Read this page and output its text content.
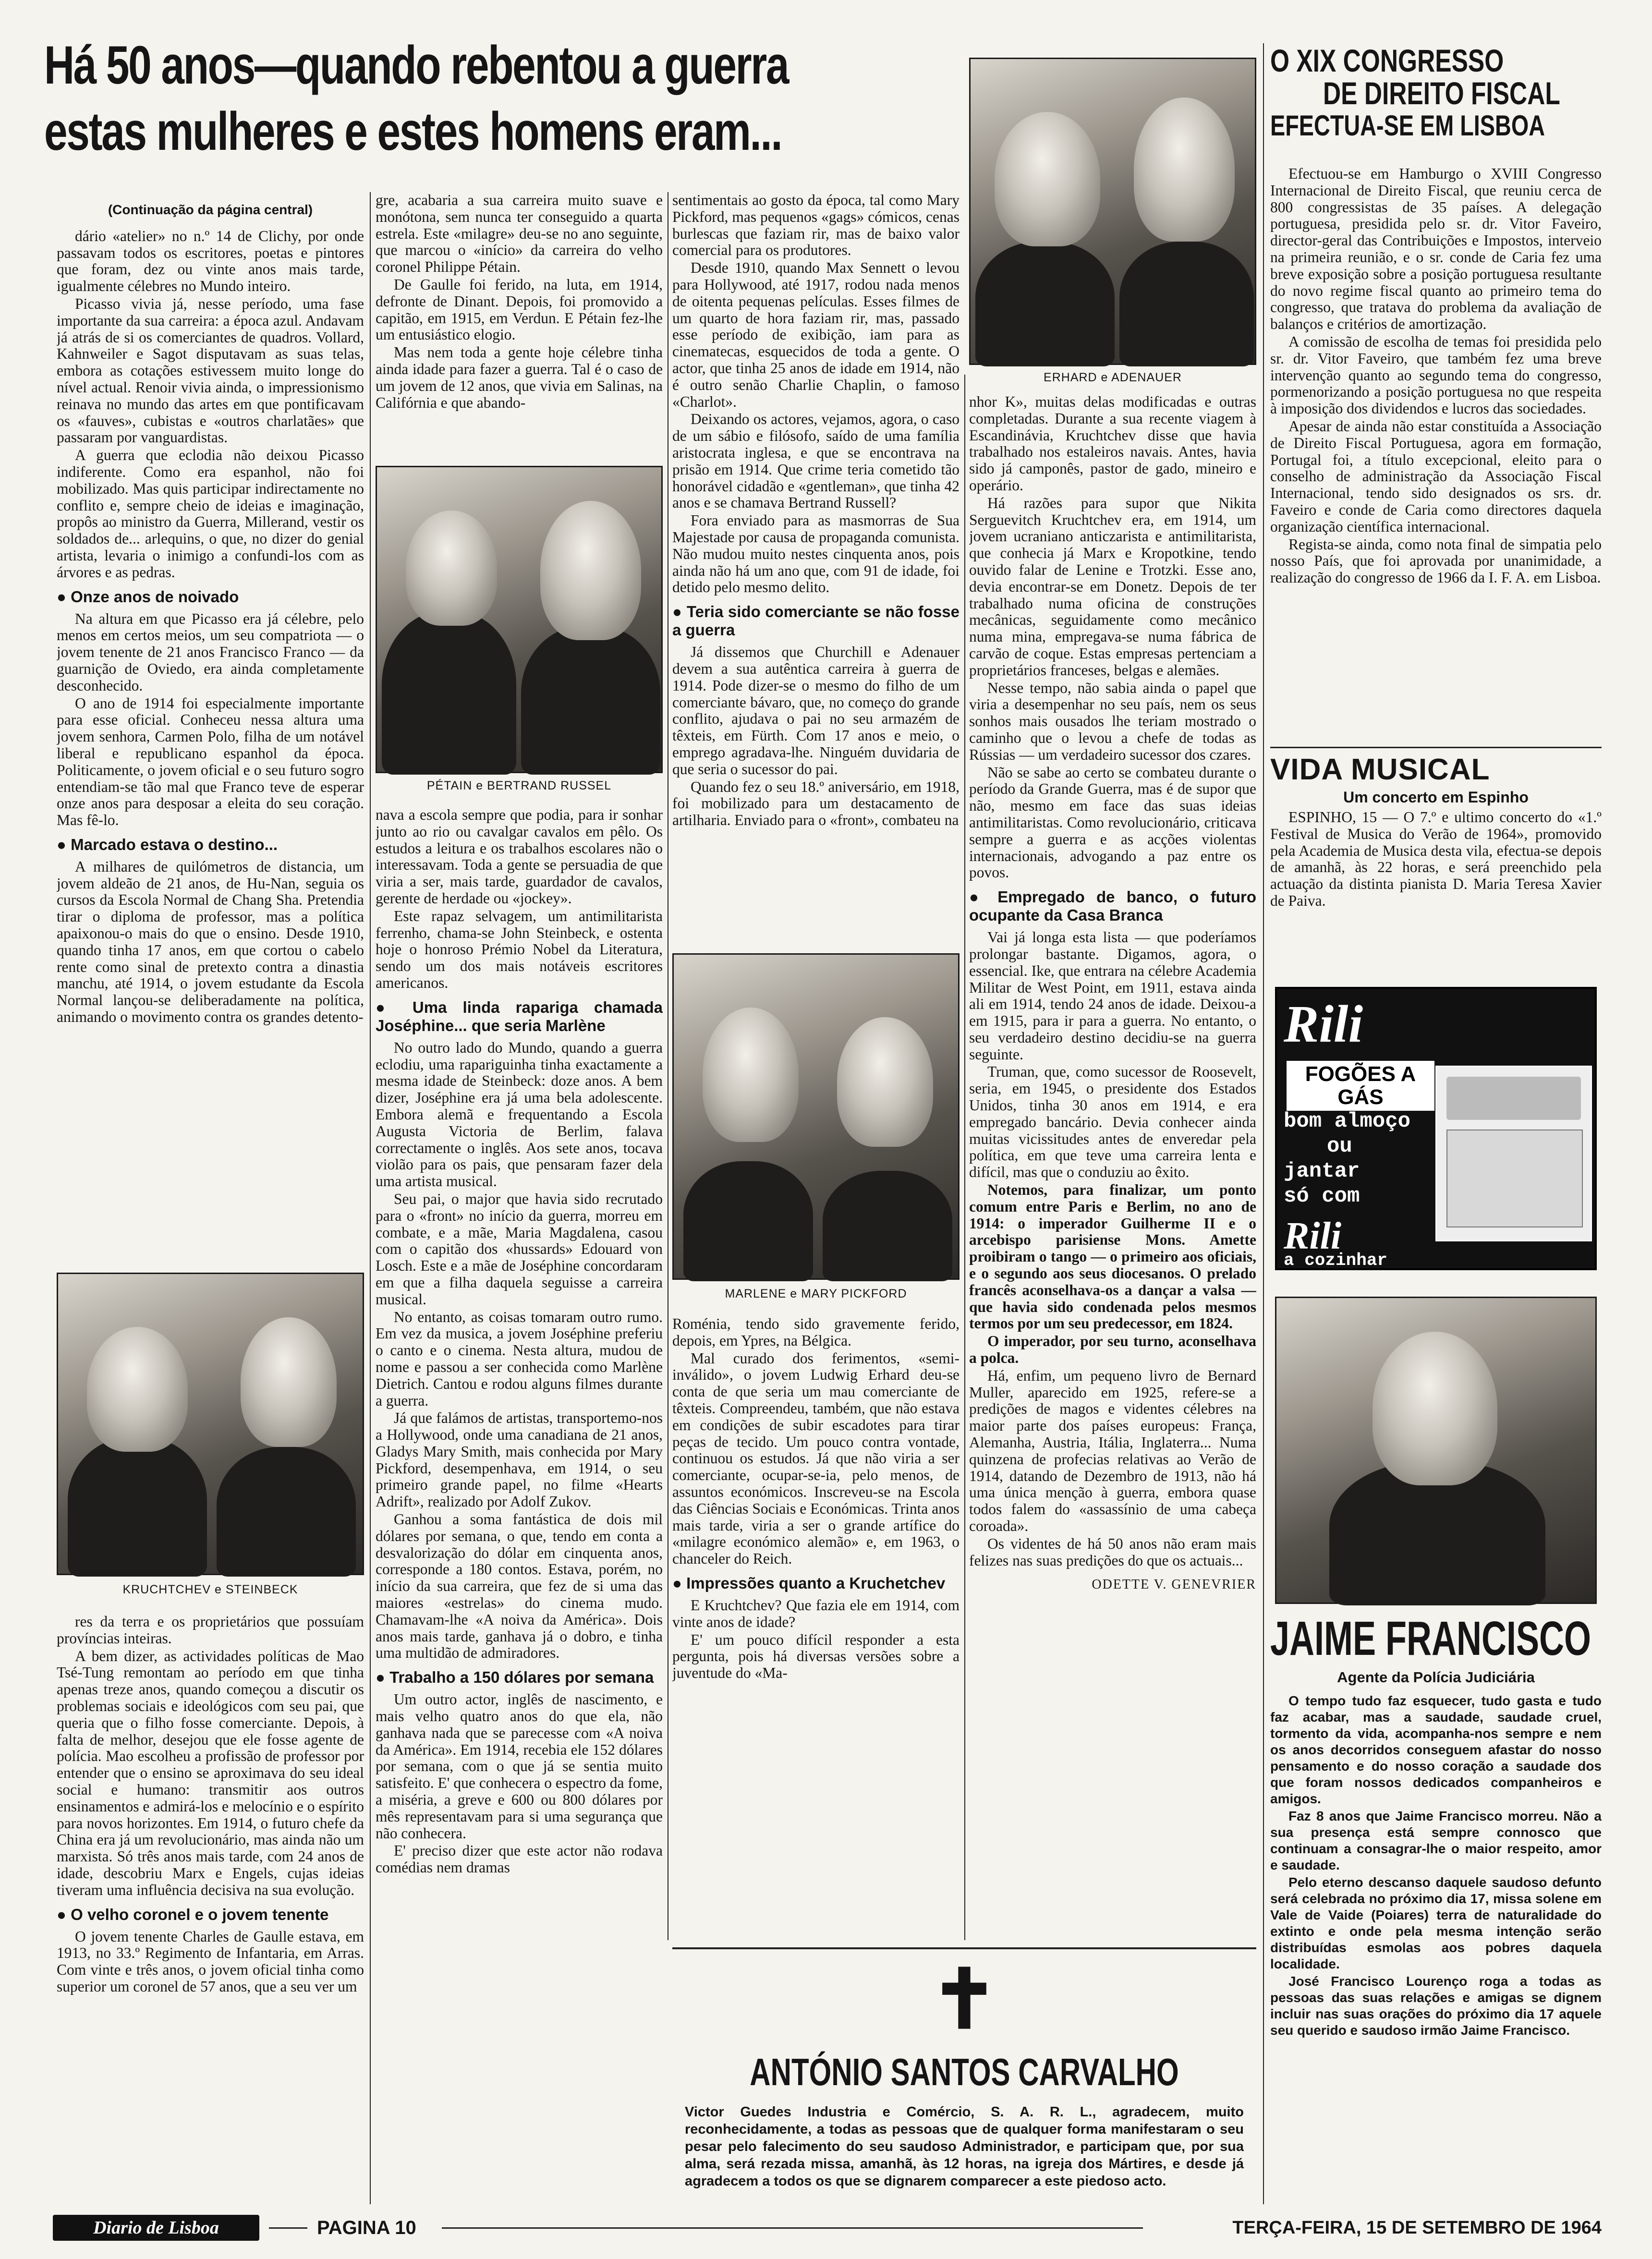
Há 50 anos—quando rebentou a guerra
estas mulheres e estes homens eram...
(Continuação da página central)

dário «atelier» no n.º 14 de Clichy, por onde passavam todos os escritores, poetas e pintores que foram, dez ou vinte anos mais tarde, igualmente célebres no Mundo inteiro.

Picasso vivia já, nesse período, uma fase importante da sua carreira: a época azul. Andavam já atrás de si os comerciantes de quadros. Vollard, Kahnweiler e Sagot disputavam as suas telas, embora as cotações estivessem muito longe do nível actual. Renoir vivia ainda, o impressionismo reinava no mundo das artes em que pontificavam os «fauves», cubistas e «outros charlatães» que passaram por vanguardistas.

A guerra que eclodia não deixou Picasso indiferente. Como era espanhol, não foi mobilizado. Mas quis participar indirectamente no conflito e, sempre cheio de ideias e imaginação, propôs ao ministro da Guerra, Millerand, vestir os soldados de... arlequins, o que, no dizer do genial artista, levaria o inimigo a confundi-los com as árvores e as pedras.

● Onze anos de noivado

Na altura em que Picasso era já célebre, pelo menos em certos meios, um seu compatriota — o jovem tenente de 21 anos Francisco Franco — da guarnição de Oviedo, era ainda completamente desconhecido.

O ano de 1914 foi especialmente importante para esse oficial. Conheceu nessa altura uma jovem senhora, Carmen Polo, filha de um notável liberal e republicano espanhol da época. Politicamente, o jovem oficial e o seu futuro sogro entendiam-se tão mal que Franco teve de esperar onze anos para desposar a eleita do seu coração. Mas fê-lo.

● Marcado estava o destino...

A milhares de quilómetros de distancia, um jovem aldeão de 21 anos, de Hu-Nan, seguia os cursos da Escola Normal de Chang Sha. Pretendia tirar o diploma de professor, mas a política apaixonou-o mais do que o ensino. Desde 1910, quando tinha 17 anos, em que cortou o cabelo rente como sinal de pretexto contra a dinastia manchu, até 1914, o jovem estudante da Escola Normal lançou-se deliberadamente na política, animando o movimento contra os grandes detento-

KRUCHTCHEV e STEINBECK

res da terra e os proprietários que possuíam províncias inteiras.

A bem dizer, as actividades políticas de Mao Tsé-Tung remontam ao período em que tinha apenas treze anos, quando começou a discutir os problemas sociais e ideológicos com seu pai, que queria que o filho fosse comerciante. Depois, à falta de melhor, desejou que ele fosse agente de polícia. Mao escolheu a profissão de professor por entender que o ensino se aproximava do seu ideal social e humano: transmitir aos outros ensinamentos e admirá-los e melocínio e o espírito para novos horizontes. Em 1914, o futuro chefe da China era já um revolucionário, mas ainda não um marxista. Só três anos mais tarde, com 24 anos de idade, descobriu Marx e Engels, cujas ideias tiveram uma influência decisiva na sua evolução.

● O velho coronel e o jovem tenente

O jovem tenente Charles de Gaulle estava, em 1913, no 33.º Regimento de Infantaria, em Arras. Com vinte e três anos, o jovem oficial tinha como superior um coronel de 57 anos, que a seu ver um

gre, acabaria a sua carreira muito suave e monótona, sem nunca ter conseguido a quarta estrela. Este «milagre» deu-se no ano seguinte, que marcou o «início» da carreira do velho coronel Philippe Pétain.

De Gaulle foi ferido, na luta, em 1914, defronte de Dinant. Depois, foi promovido a capitão, em 1915, em Verdun. E Pétain fez-lhe um entusiástico elogio.

Mas nem toda a gente hoje célebre tinha ainda idade para fazer a guerra. Tal é o caso de um jovem de 12 anos, que vivia em Salinas, na Califórnia e que abando-

PÉTAIN e BERTRAND RUSSEL

nava a escola sempre que podia, para ir sonhar junto ao rio ou cavalgar cavalos em pêlo. Os estudos a leitura e os trabalhos escolares não o interessavam. Toda a gente se persuadia de que viria a ser, mais tarde, guardador de cavalos, gerente de herdade ou «jockey».

Este rapaz selvagem, um antimilitarista ferrenho, chama-se John Steinbeck, e ostenta hoje o honroso Prémio Nobel da Literatura, sendo um dos mais notáveis escritores americanos.

● Uma linda rapariga chamada Joséphine... que seria Marlène

No outro lado do Mundo, quando a guerra eclodiu, uma rapariguinha tinha exactamente a mesma idade de Steinbeck: doze anos. A bem dizer, Joséphine era já uma bela adolescente. Embora alemã e frequentando a Escola Augusta Victoria de Berlim, falava correctamente o inglês. Aos sete anos, tocava violão para os pais, que pensaram fazer dela uma artista musical.

Seu pai, o major que havia sido recrutado para o «front» no início da guerra, morreu em combate, e a mãe, Maria Magdalena, casou com o capitão dos «hussards» Edouard von Losch. Este e a mãe de Joséphine concordaram em que a filha daquela seguisse a carreira musical.

No entanto, as coisas tomaram outro rumo. Em vez da musica, a jovem Joséphine preferiu o canto e o cinema. Nesta altura, mudou de nome e passou a ser conhecida como Marlène Dietrich. Cantou e rodou alguns filmes durante a guerra.

Já que falámos de artistas, transportemo-nos a Hollywood, onde uma canadiana de 21 anos, Gladys Mary Smith, mais conhecida por Mary Pickford, desempenhava, em 1914, o seu primeiro grande papel, no filme «Hearts Adrift», realizado por Adolf Zukov.

Ganhou a soma fantástica de dois mil dólares por semana, o que, tendo em conta a desvalorização do dólar em cinquenta anos, corresponde a 180 contos. Estava, porém, no início da sua carreira, que fez de si uma das maiores «estrelas» do cinema mudo. Chamavam-lhe «A noiva da América». Dois anos mais tarde, ganhava já o dobro, e tinha uma multidão de admiradores.

● Trabalho a 150 dólares por semana

Um outro actor, inglês de nascimento, e mais velho quatro anos do que ela, não ganhava nada que se parecesse com «A noiva da América». Em 1914, recebia ele 152 dólares por semana, com o que já se sentia muito satisfeito. E' que conhecera o espectro da fome, a miséria, a greve e 600 ou 800 dólares por mês representavam para si uma segurança que não conhecera.

E' preciso dizer que este actor não rodava comédias nem dramas

sentimentais ao gosto da época, tal como Mary Pickford, mas pequenos «gags» cómicos, cenas burlescas que faziam rir, mas de baixo valor comercial para os produtores.

Desde 1910, quando Max Sennett o levou para Hollywood, até 1917, rodou nada menos de oitenta pequenas películas. Esses filmes de um quarto de hora faziam rir, mas, passado esse período de exibição, iam para as cinematecas, esquecidos de toda a gente. O actor, que tinha 25 anos de idade em 1914, não é outro senão Charlie Chaplin, o famoso «Charlot».

Deixando os actores, vejamos, agora, o caso de um sábio e filósofo, saído de uma família aristocrata inglesa, e que se encontrava na prisão em 1914. Que crime teria cometido tão honorável cidadão e «gentleman», que tinha 42 anos e se chamava Bertrand Russell?

Fora enviado para as masmorras de Sua Majestade por causa de propaganda comunista. Não mudou muito nestes cinquenta anos, pois ainda não há um ano que, com 91 de idade, foi detido pelo mesmo delito.

● Teria sido comerciante se não fosse a guerra

Já dissemos que Churchill e Adenauer devem a sua autêntica carreira à guerra de 1914. Pode dizer-se o mesmo do filho de um comerciante bávaro, que, no começo do grande conflito, ajudava o pai no seu armazém de têxteis, em Fürth. Com 17 anos e meio, o emprego agradava-lhe. Ninguém duvidaria de que seria o sucessor do pai.

Quando fez o seu 18.º aniversário, em 1918, foi mobilizado para um destacamento de artilharia. Enviado para o «front», combateu na

MARLENE e MARY PICKFORD

Roménia, tendo sido gravemente ferido, depois, em Ypres, na Bélgica.

Mal curado dos ferimentos, «semi-inválido», o jovem Ludwig Erhard deu-se conta de que seria um mau comerciante de têxteis. Compreendeu, também, que não estava em condições de subir escadotes para tirar peças de tecido. Um pouco contra vontade, continuou os estudos. Já que não viria a ser comerciante, ocupar-se-ia, pelo menos, de assuntos económicos. Inscreveu-se na Escola das Ciências Sociais e Económicas. Trinta anos mais tarde, viria a ser o grande artífice do «milagre económico alemão» e, em 1963, o chanceler do Reich.

● Impressões quanto a Kruchetchev

E Kruchtchev? Que fazia ele em 1914, com vinte anos de idade?

E' um pouco difícil responder a esta pergunta, pois há diversas versões sobre a juventude do «Ma-

ERHARD e ADENAUER

nhor K», muitas delas modificadas e outras completadas. Durante a sua recente viagem à Escandinávia, Kruchtchev disse que havia trabalhado nos estaleiros navais. Antes, havia sido já camponês, pastor de gado, mineiro e operário.

Há razões para supor que Nikita Serguevitch Kruchtchev era, em 1914, um jovem ucraniano anticzarista e antimilitarista, que conhecia já Marx e Kropotkine, tendo ouvido falar de Lenine e Trotzki. Esse ano, devia encontrar-se em Donetz. Depois de ter trabalhado numa oficina de construções mecânicas, seguidamente como mecânico numa mina, empregava-se numa fábrica de carvão de coque. Estas empresas pertenciam a proprietários franceses, belgas e alemães.

Nesse tempo, não sabia ainda o papel que viria a desempenhar no seu país, nem os seus sonhos mais ousados lhe teriam mostrado o caminho que o levou a chefe de todas as Rússias — um verdadeiro sucessor dos czares.

Não se sabe ao certo se combateu durante o período da Grande Guerra, mas é de supor que não, mesmo em face das suas ideias antimilitaristas. Como revolucionário, criticava sempre a guerra e as acções violentas internacionais, advogando a paz entre os povos.

● Empregado de banco, o futuro ocupante da Casa Branca

Vai já longa esta lista — que poderíamos prolongar bastante. Digamos, agora, o essencial. Ike, que entrara na célebre Academia Militar de West Point, em 1911, estava ainda ali em 1914, tendo 24 anos de idade. Deixou-a em 1915, para ir para a guerra. No entanto, o seu verdadeiro destino decidiu-se na guerra seguinte.

Truman, que, como sucessor de Roosevelt, seria, em 1945, o presidente dos Estados Unidos, tinha 30 anos em 1914, e era empregado bancário. Devia conhecer ainda muitas vicissitudes antes de enveredar pela política, em que teve uma carreira lenta e difícil, mas que o conduziu ao êxito.

Notemos, para finalizar, um ponto comum entre Paris e Berlim, no ano de 1914: o imperador Guilherme II e o arcebispo parisiense Mons. Amette proibiram o tango — o primeiro aos oficiais, e o segundo aos seus diocesanos. O prelado francês aconselhava-os a dançar a valsa — que havia sido condenada pelos mesmos termos por um seu predecessor, em 1824.

O imperador, por seu turno, aconselhava a polca.

Há, enfim, um pequeno livro de Bernard Muller, aparecido em 1925, refere-se a predições de magos e videntes célebres na maior parte dos países europeus: França, Alemanha, Austria, Itália, Inglaterra... Numa quinzena de profecias relativas ao Verão de 1914, datando de Dezembro de 1913, não há uma única menção à guerra, embora quase todos falem do «assassínio de uma cabeça coroada».

Os videntes de há 50 anos não eram mais felizes nas suas predições do que os actuais...

ODETTE V. GENEVRIER
✝
ANTÓNIO SANTOS CARVALHO
Victor Guedes Industria e Comércio, S. A. R. L., agradecem, muito reconhecidamente, a todas as pessoas que de qualquer forma manifestaram o seu pesar pelo falecimento do seu saudoso Administrador, e participam que, por sua alma, será rezada missa, amanhã, às 12 horas, na igreja dos Mártires, e desde já agradecem a todos os que se dignarem comparecer a este piedoso acto.
O XIX CONGRESSO
DE DIREITO FISCAL
EFECTUA-SE EM LISBOA

Efectuou-se em Hamburgo o XVIII Congresso Internacional de Direito Fiscal, que reuniu cerca de 800 congressistas de 35 países. A delegação portuguesa, presidida pelo sr. dr. Vitor Faveiro, director-geral das Contribuições e Impostos, interveio na primeira reunião, e o sr. conde de Caria fez uma breve exposição sobre a posição portuguesa resultante do novo regime fiscal quanto ao primeiro tema do congresso, que tratava do problema da avaliação de balanços e critérios de amortização.

A comissão de escolha de temas foi presidida pelo sr. dr. Vitor Faveiro, que também fez uma breve intervenção quanto ao segundo tema do congresso, pormenorizando a posição portuguesa no que respeita à imposição dos dividendos e lucros das sociedades.

Apesar de ainda não estar constituída a Associação de Direito Fiscal Portuguesa, agora em formação, Portugal foi, a título excepcional, eleito para o conselho de administração da Associação Fiscal Internacional, tendo sido designados os srs. dr. Faveiro e conde de Caria como directores daquela organização científica internacional.

Regista-se ainda, como nota final de simpatia pelo nosso País, que foi aprovada por unanimidade, a realização do congresso de 1966 da I. F. A. em Lisboa.

VIDA MUSICAL
Um concerto em Espinho

ESPINHO, 15 — O 7.º e ultimo concerto do «1.º Festival de Musica do Verão de 1964», promovido pela Academia de Musica desta vila, efectua-se depois de amanhã, às 22 horas, e será preenchido pela actuação da distinta pianista D. Maria Teresa Xavier de Paiva.

Rili
FOGÕES A GÁS
bom almoço
ou
jantar
só com
Rili
a cozinhar
JAIME FRANCISCO
Agente da Polícia Judiciária

O tempo tudo faz esquecer, tudo gasta e tudo faz acabar, mas a saudade, saudade cruel, tormento da vida, acompanha-nos sempre e nem os anos decorridos conseguem afastar do nosso pensamento e do nosso coração a saudade dos que foram nossos dedicados companheiros e amigos.

Faz 8 anos que Jaime Francisco morreu. Não a sua presença está sempre connosco que continuam a consagrar-lhe o maior respeito, amor e saudade.

Pelo eterno descanso daquele saudoso defunto será celebrada no próximo dia 17, missa solene em Vale de Vaide (Poiares) terra de naturalidade do extinto e onde pela mesma intenção serão distribuídas esmolas aos pobres daquela localidade.

José Francisco Lourenço roga a todas as pessoas das suas relações e amigas se dignem incluir nas suas orações do próximo dia 17 aquele seu querido e saudoso irmão Jaime Francisco.

Diario de Lisboa	PAGINA 10	TERÇA-FEIRA, 15 DE SETEMBRO DE 1964
